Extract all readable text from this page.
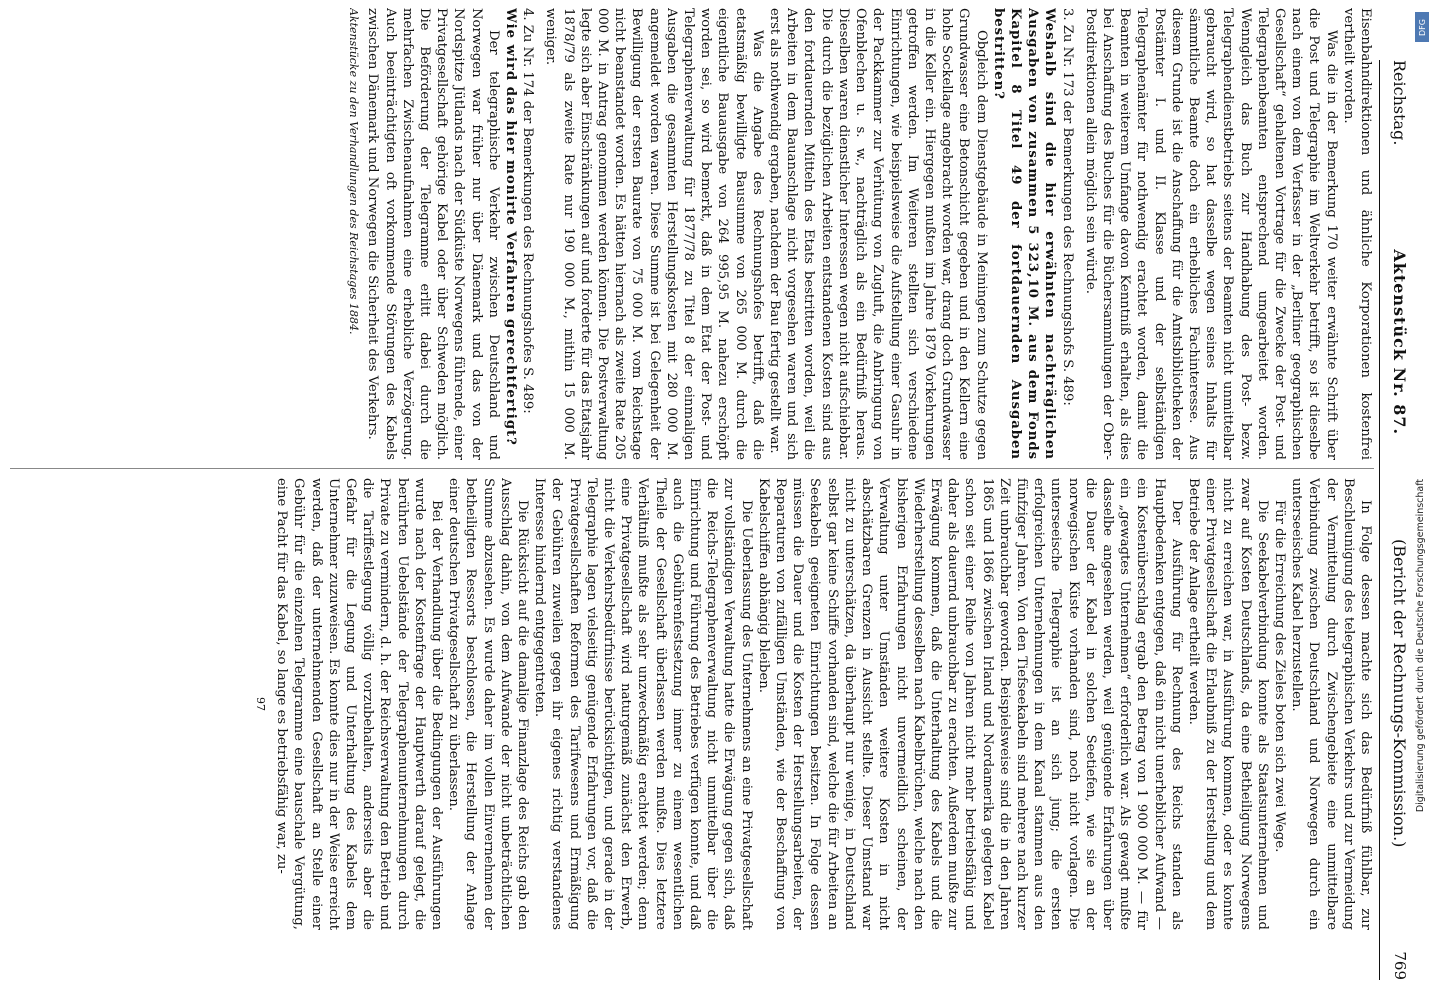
Reichstag.
Aktenstück Nr. 87.
(Bericht der Rechnungs-Kommission.)
769

Eisenbahndirektionen und ähnliche Korporationen kostenfrei vertheilt worden.

Was die in der Bemerkung 170 weiter erwähnte Schrift über die Post und Telegraphie im Weltverkehr betrifft, so ist dieselbe nach einem von dem Verfasser in der „Berliner geographischen Gesellschaft“ gehaltenen Vortrage für die Zwecke der Post- und Telegraphenbeamten entsprechend umgearbeitet worden. Wenngleich das Buch zur Handhabung des Post- bezw. Telegraphendienstbetriebs seitens der Beamten nicht unmittelbar gebraucht wird, so hat dasselbe wegen seines Inhalts für sämmtliche Beamte doch ein erhebliches Fachinteresse. Aus diesem Grunde ist die Anschaffung für die Amtsbibliotheken der Postämter I. und II. Klasse und der selbständigen Telegraphenämter für nothwendig erachtet worden, damit die Beamten in weiterem Umfange davon Kenntniß erhalten, als dies bei Anschaffung des Buches für die Büchersammlungen der Ober-Postdirektionen allein möglich sein würde.

3. Zu Nr. 173 der Bemerkungen des Rechnungshofs S. 489:

Weshalb sind die hier erwähnten nachträglichen Ausgaben von zusammen 5 323,10 M. aus dem Fonds Kapitel 8 Titel 49 der fortdauernden Ausgaben bestritten?

Obgleich dem Dienstgebäude in Meiningen zum Schutze gegen Grundwasser eine Betonschicht gegeben und in den Kellern eine hohe Sockellage angebracht worden war, drang doch Grundwasser in die Keller ein. Hiergegen mußten im Jahre 1879 Vorkehrungen getroffen werden. Im Weiteren stellten sich verschiedene Einrichtungen, wie beispielsweise die Aufstellung einer Gasuhr in der Packkammer zur Verhütung von Zugluft, die Anbringung von Ofenblechen u. s. w., nachträglich als ein Bedürfniß heraus. Dieselben waren dienstlicher Interessen wegen nicht aufschiebbar. Die durch die bezüglichen Arbeiten entstandenen Kosten sind aus den fortdauernden Mitteln des Etats bestritten worden, weil die Arbeiten in dem Bauanschlage nicht vorgesehen waren und sich erst als nothwendig ergaben, nachdem der Bau fertig gestellt war.

Was die Angabe des Rechnungshofes betrifft, daß die etatsmäßig bewilligte Bausumme von 265 000 M. durch die eigentliche Bauausgabe von 264 995,95 M. nahezu erschöpft worden sei, so wird bemerkt, daß in dem Etat der Post- und Telegraphenverwaltung für 1877/78 zu Titel 8 der einmaligen Ausgaben die gesammten Herstellungskosten mit 280 000 M. angemeldet worden waren. Diese Summe ist bei Gelegenheit der Bewilligung der ersten Baurate von 75 000 M. vom Reichstage nicht beanstandet worden. Es hätten hiernach als zweite Rate 205 000 M. in Antrag genommen werden können. Die Postverwaltung legte sich aber Einschränkungen auf und forderte für das Etatsjahr 1878/79 als zweite Rate nur 190 000 M., mithin 15 000 M. weniger.

4. Zu Nr. 174 der Bemerkungen des Rechnungshofes S. 489:

Wie wird das hier monirte Verfahren gerechtfertigt?

Der telegraphische Verkehr zwischen Deutschland und Norwegen war früher nur über Dänemark und das von der Nordspitze Jütlands nach der Südküste Norwegens führende, einer Privatgesellschaft gehörige Kabel oder über Schweden möglich. Die Beförderung der Telegramme erlitt dabei durch die mehrfachen Zwischenaufnahmen eine erhebliche Verzögerung. Auch beeinträchtigten oft vorkommende Störungen des Kabels zwischen Dänemark und Norwegen die Sicherheit des Verkehrs.

Aktenstücke zu den Verhandlungen des Reichstages 1884.

In Folge dessen machte sich das Bedürfniß fühlbar, zur Beschleunigung des telegraphischen Verkehrs und zur Vermeidung der Vermittelung durch Zwischengebiete eine unmittelbare Verbindung zwischen Deutschland und Norwegen durch ein unterseeisches Kabel herzustellen.

Für die Erreichung des Zieles boten sich zwei Wege.

Die Seekabelverbindung konnte als Staatsunternehmen und zwar auf Kosten Deutschlands, da eine Betheiligung Norwegens nicht zu erreichen war, in Ausführung kommen, oder es konnte einer Privatgesellschaft die Erlaubniß zu der Herstellung und dem Betriebe der Anlage ertheilt werden.

Der Ausführung für Rechnung des Reichs standen als Hauptbedenken entgegen, daß ein nicht unerheblicher Aufwand — ein Kostenüberschlag ergab den Betrag von 1 900 000 M. — für ein „gewagtes Unternehmen“ erforderlich war. Als gewagt mußte dasselbe angesehen werden, weil genügende Erfahrungen über die Dauer der Kabel in solchen Seetiefen, wie sie an der norwegischen Küste vorhanden sind, noch nicht vorlagen. Die unterseeische Telegraphie ist an sich jung; die ersten erfolgreichen Unternehmungen in dem Kanal stammen aus den fünfziger Jahren. Von den Tiefseekabeln sind mehrere nach kurzer Zeit unbrauchbar geworden. Beispielsweise sind die in den Jahren 1865 und 1866 zwischen Irland und Nordamerika gelegten Kabel schon seit einer Reihe von Jahren nicht mehr betriebsfähig und daher als dauernd unbrauchbar zu erachten. Außerdem mußte zur Erwägung kommen, daß die Unterhaltung des Kabels und die Wiederherstellung desselben nach Kabelbrüchen, welche nach den bisherigen Erfahrungen nicht unvermeidlich scheinen, der Verwaltung unter Umständen weitere Kosten in nicht abschätzbaren Grenzen in Aussicht stellte. Dieser Umstand war nicht zu unterschätzen, da überhaupt nur wenige, in Deutschland selbst gar keine Schiffe vorhanden sind, welche die für Arbeiten an Seekabeln geeigneten Einrichtungen besitzen. In Folge dessen müssen die Dauer und die Kosten der Herstellungsarbeiten, der Reparaturen von zufälligen Umständen, wie der Beschaffung von Kabelschiffen abhängig bleiben.

Die Ueberlassung des Unternehmens an eine Privatgesellschaft zur vollständigen Verwaltung hatte die Erwägung gegen sich, daß die Reichs-Telegraphenverwaltung nicht unmittelbar über die Einrichtung und Führung des Betriebes verfügen konnte, und daß auch die Gebührenfestsetzung immer zu einem wesentlichen Theile der Gesellschaft überlassen werden mußte. Dies letztere Verhältniß mußte als sehr unzweckmäßig erachtet werden; denn eine Privatgesellschaft wird naturgemäß zunächst den Erwerb, nicht die Verkehrsbedürfnisse berücksichtigen, und gerade in der Telegraphie lagen vielseitig genügende Erfahrungen vor, daß die Privatgesellschaften Reformen des Tarifwesens und Ermäßigung der Gebühren zuweilen gegen ihr eigenes richtig verstandenes Interesse hindernd entgegentreten.

Die Rücksicht auf die damalige Finanzlage des Reichs gab den Ausschlag dahin, von dem Aufwande der nicht unbeträchtlichen Summe abzusehen. Es wurde daher im vollen Einvernehmen der betheiligten Ressorts beschlossen, die Herstellung der Anlage einer deutschen Privatgesellschaft zu überlassen.

Bei der Verhandlung über die Bedingungen der Ausführungen wurde nach der Kostenfrage der Hauptwerth darauf gelegt, die berührten Uebelstände der Telegraphenunternehmungen durch Private zu vermindern, d. h. der Reichsverwaltung den Betrieb und die Tariffestlegung völlig vorzubehalten, anderseits aber die Gefahr für die Legung und Unterhaltung des Kabels dem Unternehmer zuzuweisen. Es konnte dies nur in der Weise erreicht werden, daß der unternehmenden Gesellschaft an Stelle einer Gebühr für die einzelnen Telegramme eine bauschale Vergütung, eine Pacht für das Kabel, so lange es betriebsfähig war, zu-

97

DFG
Digitalisierung gefördert durch die Deutsche Forschungsgemeinschaft
